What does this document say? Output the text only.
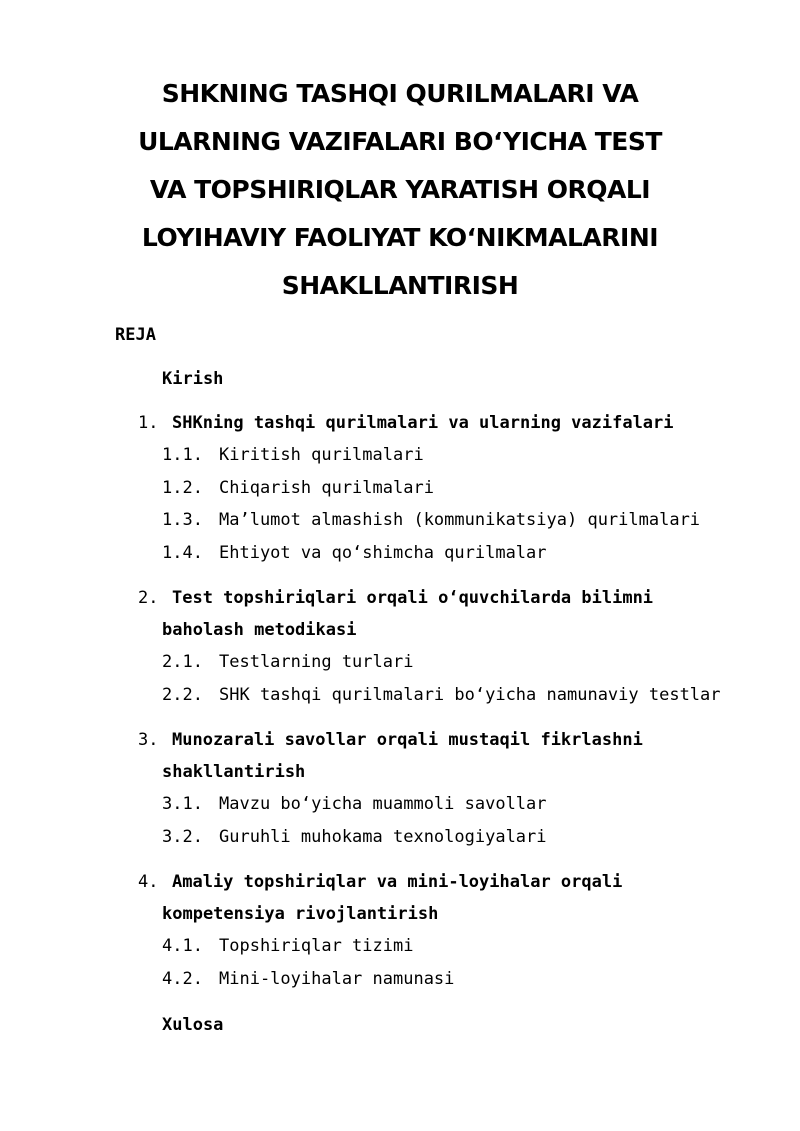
SHKNING TASHQI QURILMALARI VA
ULARNING VAZIFALARI BO‘YICHA TEST
VA TOPSHIRIQLAR YARATISH ORQALI
LOYIHAVIY FAOLIYAT KO‘NIKMALARINI
SHAKLLANTIRISH
REJA
Kirish
1. SHKning tashqi qurilmalari va ularning vazifalari
1.1. Kiritish qurilmalari
1.2. Chiqarish qurilmalari
1.3. Ma’lumot almashish (kommunikatsiya) qurilmalari
1.4. Ehtiyot va qo‘shimcha qurilmalar
2. Test topshiriqlari orqali o‘quvchilarda bilimni
baholash metodikasi
2.1. Testlarning turlari
2.2. SHK tashqi qurilmalari bo‘yicha namunaviy testlar
3. Munozarali savollar orqali mustaqil fikrlashni
shakllantirish
3.1. Mavzu bo‘yicha muammoli savollar
3.2. Guruhli muhokama texnologiyalari
4. Amaliy topshiriqlar va mini-loyihalar orqali
kompetensiya rivojlantirish
4.1. Topshiriqlar tizimi
4.2. Mini-loyihalar namunasi
Xulosa
